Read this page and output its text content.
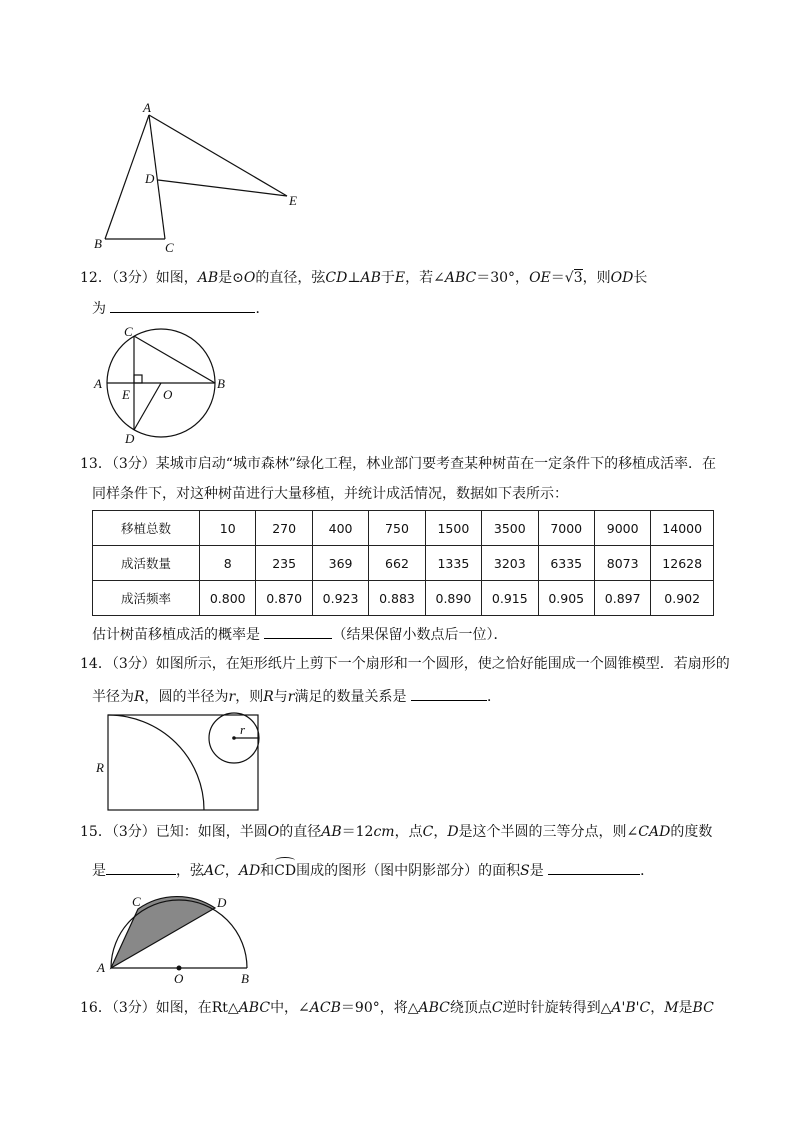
A
D
E
B	C
12．（3分）如图，AB是⊙O的直径，弦CD⊥AB于E，若∠ABC＝30°，OE＝√3，则OD长
为	．
C
A	B
E	O
D
13．（3分）某城市启动“城市森林”绿化工程，林业部门要考查某种树苗在一定条件下的移植成活率．在
同样条件下，对这种树苗进行大量移植，并统计成活情况，数据如下表所示：
移植总数	10	270	400	750	1500	3500	7000	9000	14000
成活数量	8	235	369	662	1335	3203	6335	8073	12628
成活频率	0.800	0.870	0.923	0.883	0.890	0.915	0.905	0.897	0.902
估计树苗移植成活的概率是	（结果保留小数点后一位）．
14．（3分）如图所示，在矩形纸片上剪下一个扇形和一个圆形，使之恰好能围成一个圆锥模型．若扇形的
半径为R，圆的半径为r，则R与r满足的数量关系是	．
r
R
15．（3分）已知：如图，半圆O的直径AB＝12cm，点C，D是这个半圆的三等分点，则∠CAD的度数
是	，弦AC，AD和
CD围成的图形（图中阴影部分）的面积S是	．
C	D
A
O	B
16．（3分）如图，在Rt△ABC中，∠ACB＝90°，将△ABC绕顶点C逆时针旋转得到△A'B'C，M是BC
